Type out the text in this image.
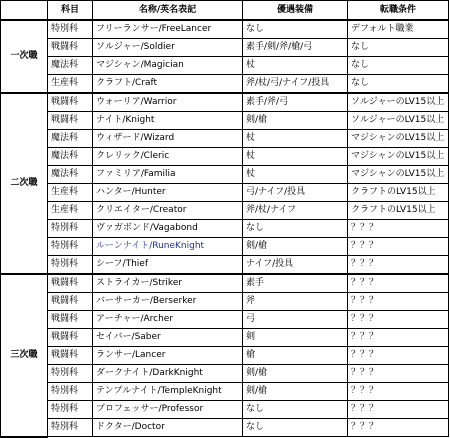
	科目	名称/英名表記	優遇装備	転職条件
一次職	特別科	フリーランサー/FreeLancer	なし	デフォルト職業
	戦闘科	ソルジャー/Soldier	素手/剣/斧/槍/弓	なし
	魔法科	マジシャン/Magician	杖	なし
	生産科	クラフト/Craft	斧/杖/弓/ナイフ/投具	なし
二次職	戦闘科	ウォーリア/Warrior	素手/斧/弓	ソルジャーのLV15以上
	戦闘科	ナイト/Knight	剣/槍	ソルジャーのLV15以上
	魔法科	ウィザード/Wizard	杖	マジシャンのLV15以上
	魔法科	クレリック/Cleric	杖	マジシャンのLV15以上
	魔法科	ファミリア/Familia	杖	マジシャンのLV15以上
	生産科	ハンター/Hunter	弓/ナイフ/投具	クラフトのLV15以上
	生産科	クリエイター/Creator	斧/杖/ナイフ	クラフトのLV15以上
	特別科	ヴァガボンド/Vagabond	なし	？？？
	特別科	ルーンナイト/RuneKnight	剣/槍	？？？
	特別科	シーフ/Thief	ナイフ/投具	？？？
三次職	戦闘科	ストライカー/Striker	素手	？？？
	戦闘科	バーサーカー/Berserker	斧	？？？
	戦闘科	アーチャー/Archer	弓	？？？
	戦闘科	セイバー/Saber	剣	？？？
	戦闘科	ランサー/Lancer	槍	？？？
	特別科	ダークナイト/DarkKnight	剣/槍	？？？
	特別科	テンプルナイト/TempleKnight	剣/槍	？？？
	特別科	プロフェッサー/Professor	なし	？？？
	特別科	ドクター/Doctor	なし	？？？
